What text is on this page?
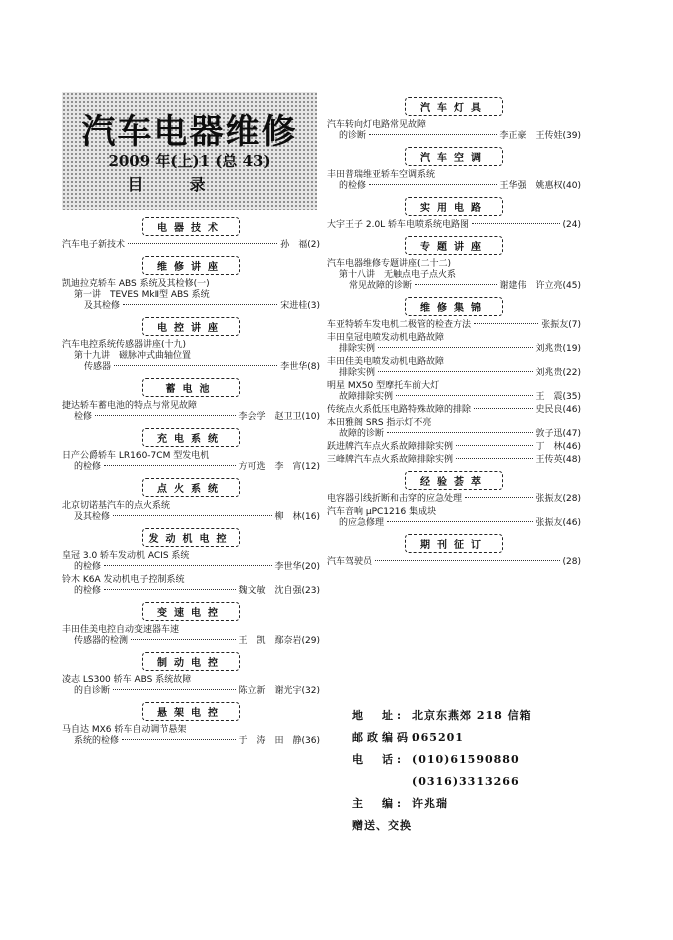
汽车电器维修
2009 年(上)1 (总 43)
目录
电器技术
汽车电子新技术	孙　福(2)
维修讲座
凯迪拉克轿车 ABS 系统及其检修(一)
第一讲　TEVES MkⅡ型 ABS 系统
及其检修	宋进桂(3)
电控讲座
汽车电控系统传感器讲座(十九)
第十九讲　磁脉冲式曲轴位置
传感器	李世华(8)
蓄电池
捷达轿车蓄电池的特点与常见故障
检修	李会学　赵卫卫(10)
充电系统
日产公爵轿车 LR160-7CM 型发电机
的检修	方可选　李　宵(12)
点火系统
北京切诺基汽车的点火系统
及其检修	柳　林(16)
发动机电控
皇冠 3.0 轿车发动机 ACIS 系统
的检修	李世华(20)
铃木 K6A 发动机电子控制系统
的检修	魏文敏　沈自强(23)
变速电控
丰田佳美电控自动变速器车速
传感器的检测	王　凯　鄢奈岩(29)
制动电控
凌志 LS300 轿车 ABS 系统故障
的自诊断	陈立新　谢光宇(32)
悬架电控
马自达 MX6 轿车自动调节悬架
系统的检修	于　涛　田　静(36)
汽车灯具
汽车转向灯电路常见故障
的诊断	李正豪　王传娃(39)
汽车空调
丰田普瑞维亚轿车空调系统
的检修	王华强　姚惠权(40)
实用电路
大宇王子 2.0L 轿车电喷系统电路图	(24)
专题讲座
汽车电器维修专题讲座(二十二)
第十八讲　无触点电子点火系
常见故障的诊断	谢建伟　许立亮(45)
维修集锦
车亚特轿车发电机二极管的检查方法	张振友(7)
丰田皇冠电喷发动机电路故障
排除实例	刘兆贵(19)
丰田佳美电喷发动机电路故障
排除实例	刘兆贵(22)
明星 MX50 型摩托车前大灯
故障排除实例	王　震(35)
传统点火系低压电路特殊故障的排除	史民良(46)
本田雅阁 SRS 指示灯不亮
故障的诊断	敦子迅(47)
跃进牌汽车点火系故障排除实例	丁　林(46)
三峰牌汽车点火系故障排除实例	王传英(48)
经验荟萃
电容器引线折断和击穿的应急处理	张振友(28)
汽车音响 μPC1216 集成块
的应急修理	张振友(46)
期刊征订
汽车驾驶员	(28)
地　址: 北京东燕郊 218 信箱
邮政编码:
065201
电　话: (010)61590880
(0316)3313266
主　编: 许兆瑞
赠送、交换
